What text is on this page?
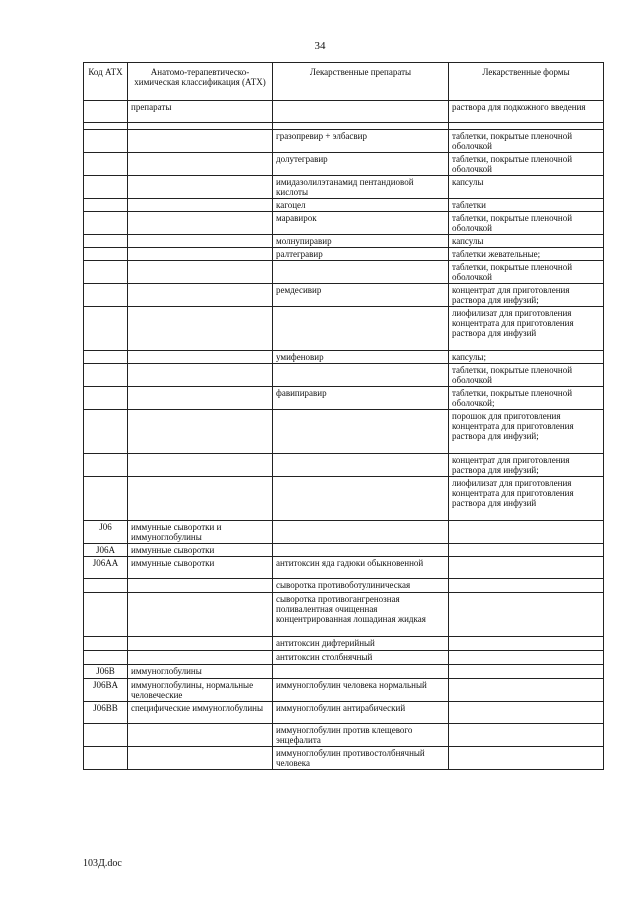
34
Код АТХ	Анатомо-терапевтическо-химическая классификация (АТХ)	Лекарственные препараты	Лекарственные формы
	препараты		раствора для подкожного введения

		гразопревир + элбасвир	таблетки, покрытые пленочной оболочкой
		долутегравир	таблетки, покрытые пленочной оболочкой
		имидазолилэтанамид пентандиовой кислоты	капсулы
		кагоцел	таблетки
		маравирок	таблетки, покрытые пленочной оболочкой
		молнупиравир	капсулы
		ралтегравир	таблетки жевательные;
			таблетки, покрытые пленочной оболочкой
		ремдесивир	концентрат для приготовления раствора для инфузий;
			лиофилизат для приготовления концентрата для приготовления раствора для инфузий
		умифеновир	капсулы;
			таблетки, покрытые пленочной оболочкой
		фавипиравир	таблетки, покрытые пленочной оболочкой;
			порошок для приготовления концентрата для приготовления раствора для инфузий;
			концентрат для приготовления раствора для инфузий;
			лиофилизат для приготовления концентрата для приготовления раствора для инфузий
J06	иммунные сыворотки и иммуноглобулины		
J06A	иммунные сыворотки		
J06AA	иммунные сыворотки	антитоксин яда гадюки обыкновенной	
		сыворотка противоботулиническая	
		сыворотка противогангренозная поливалентная очищенная концентрированная лошадиная жидкая	
		антитоксин дифтерийный	
		антитоксин столбнячный	
J06B	иммуноглобулины		
J06BA	иммуноглобулины, нормальные человеческие	иммуноглобулин человека нормальный	
J06BB	специфические иммуноглобулины	иммуноглобулин антирабический	
		иммуноглобулин против клещевого энцефалита	
		иммуноглобулин противостолбнячный человека	
103Д.doc
